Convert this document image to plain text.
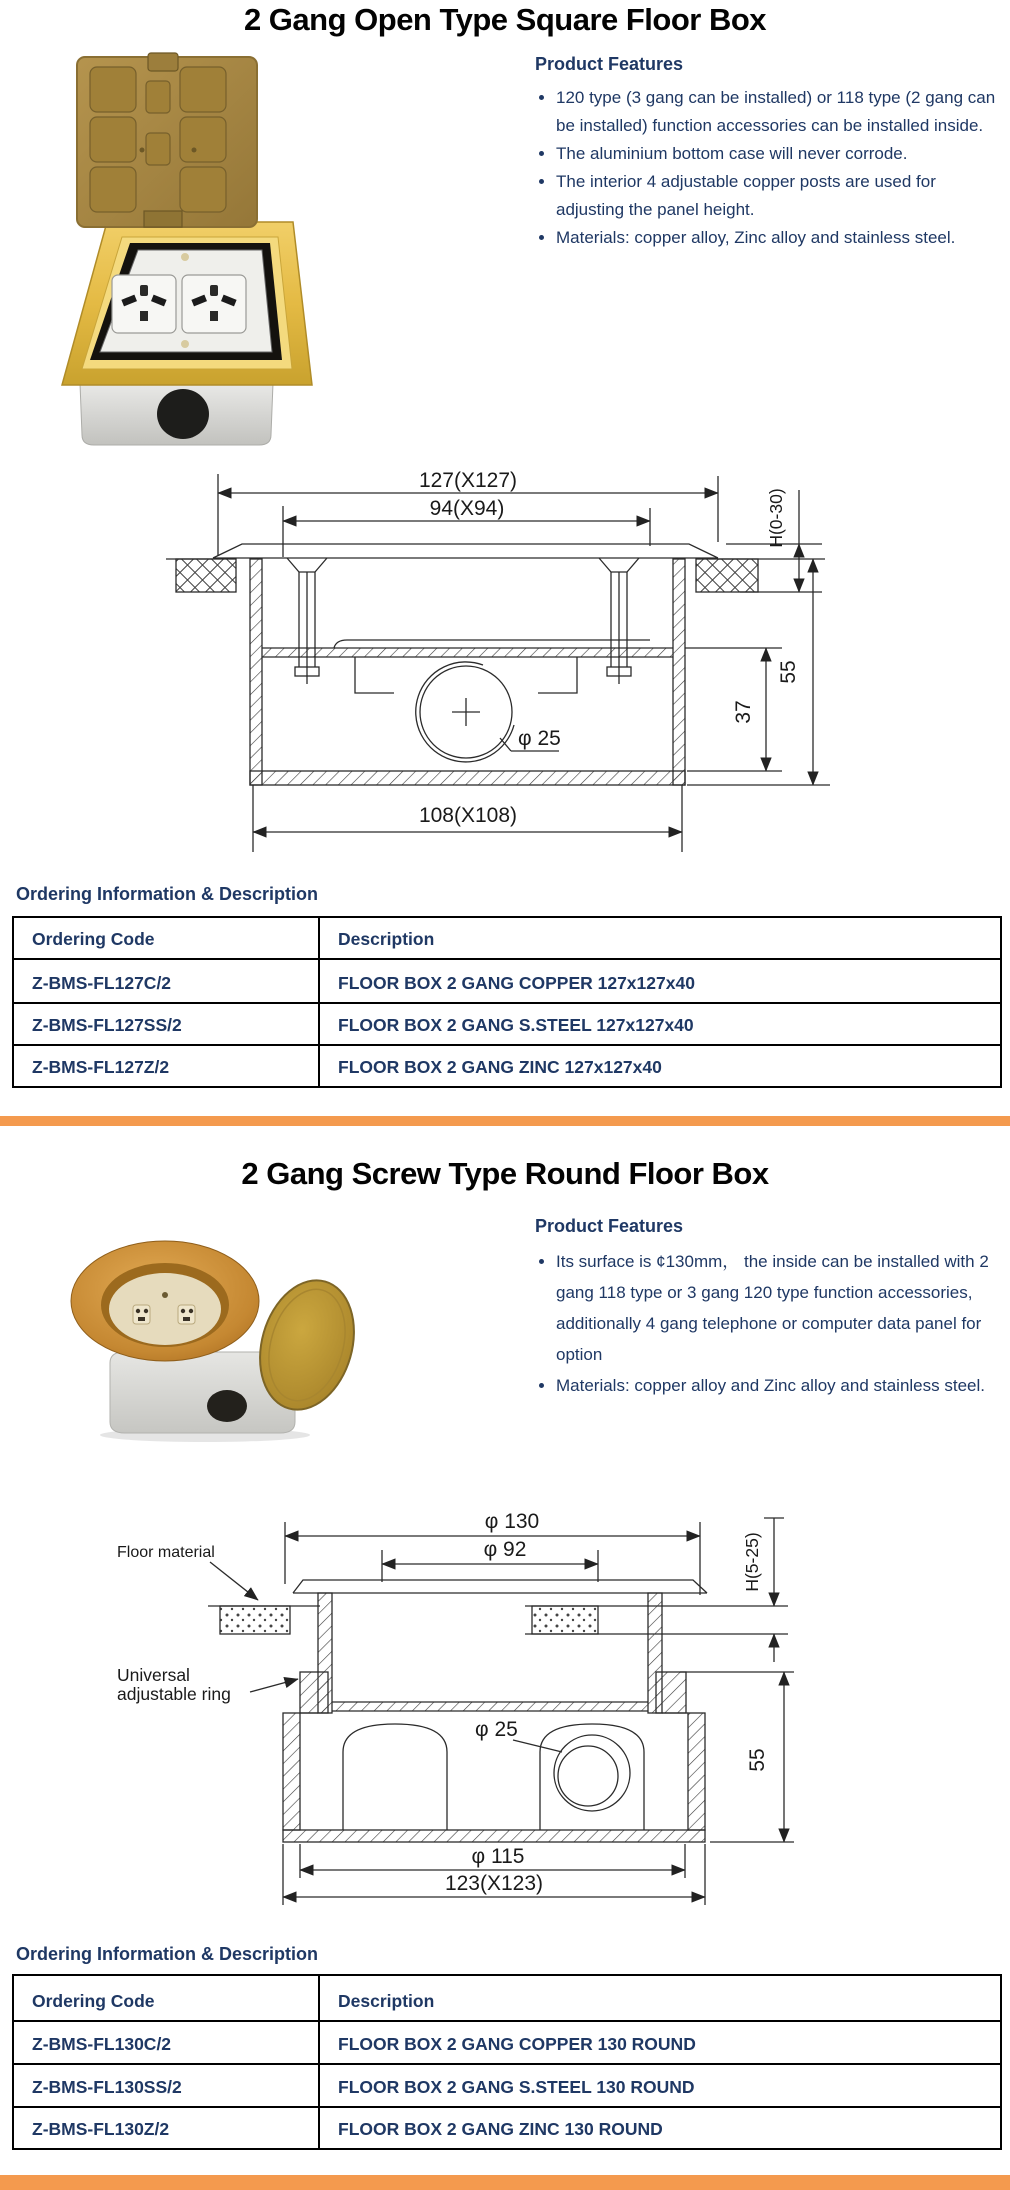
2 Gang Open Type Square Floor Box
Product Features
• 120 type (3 gang can be installed) or 118 type (2 gang can be installed) function accessories can be installed inside.
• The aluminium bottom case will never corrode.
• The interior 4 adjustable copper posts are used for adjusting the panel height.
• Materials: copper alloy, Zinc alloy and stainless steel.
127(X127)
94(X94)
φ 25
108(X108)
H(0-30)
55
37
Ordering Information & Description
Ordering Code	Description
Z-BMS-FL127C/2	FLOOR BOX 2 GANG COPPER 127x127x40
Z-BMS-FL127SS/2	FLOOR BOX 2 GANG S.STEEL 127x127x40
Z-BMS-FL127Z/2	FLOOR BOX 2 GANG ZINC 127x127x40
2 Gang Screw Type Round Floor Box
Product Features
• Its surface is ¢130mm， the inside can be installed with 2 gang 118 type or 3 gang 120 type function accessories, additionally 4 gang telephone or computer data panel for option
• Materials: copper alloy and Zinc alloy and stainless steel.
Floor material
Universal
adjustable ring
φ 130
φ 92
φ 25
H(5-25)
55
φ 115
123(X123)
Ordering Information & Description
Ordering Code	Description
Z-BMS-FL130C/2	FLOOR BOX 2 GANG COPPER 130 ROUND
Z-BMS-FL130SS/2	FLOOR BOX 2 GANG S.STEEL 130 ROUND
Z-BMS-FL130Z/2	FLOOR BOX 2 GANG ZINC 130 ROUND
